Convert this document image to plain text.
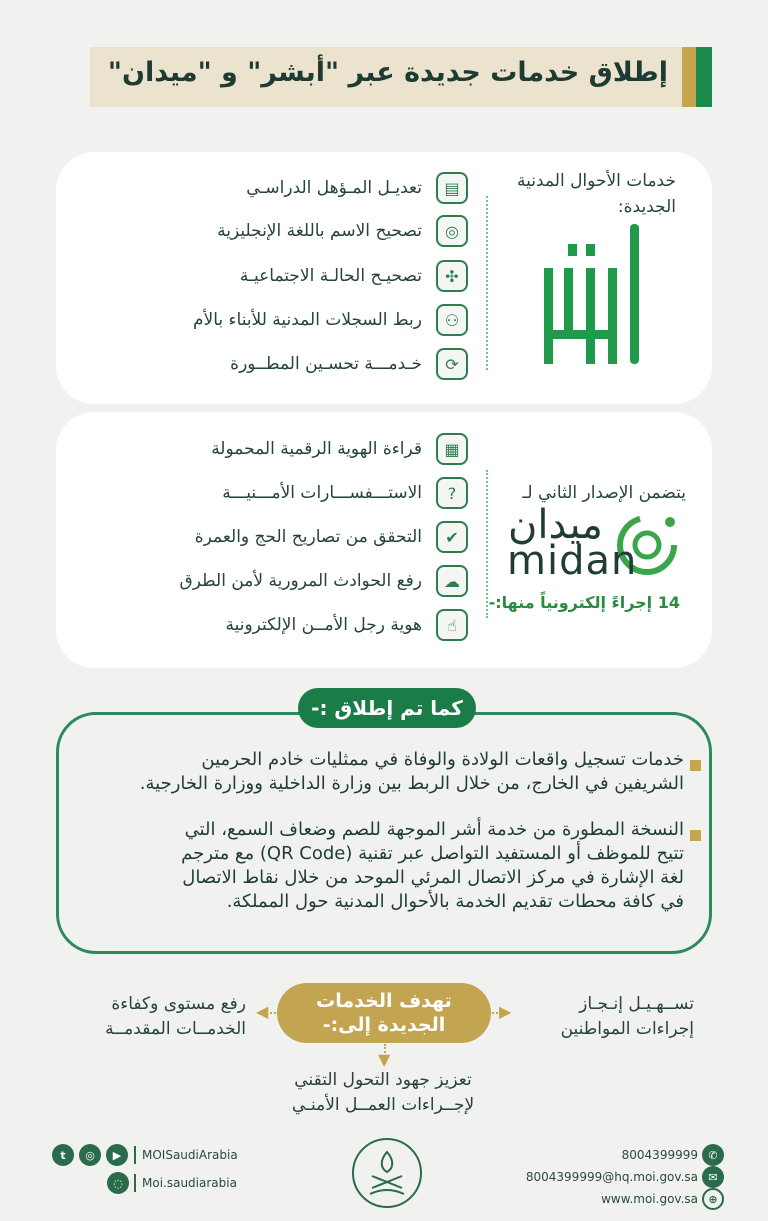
إطلاق خدمات جديدة عبر "أبشر" و "ميدان"
خدمات الأحوال المدنية الجديدة:
▤
تعديـل المـؤهل الدراسـي
◎
تصحيح الاسم باللغة الإنجليزية
✣
تصحيـح الحالـة الاجتماعيـة
⚇
ربط السجلات المدنية للأبناء بالأم
⟳
خـدمـــة تحسـين المطــورة
يتضمن الإصدار الثاني لـ
ميدان
midan
14 إجراءً إلكترونياً منها:-
▦
قراءة الهوية الرقمية المحمولة
?
الاستـــفســـارات الأمـــنيـــة
✔
التحقق من تصاريح الحج والعمرة
☁
رفع الحوادث المرورية لأمن الطرق
☝
هوية رجل الأمــن الإلكترونية
كما تم إطلاق :-
خدمات تسجيل واقعات الولادة والوفاة في ممثليات خادم الحرمين
الشريفين في الخارج، من خلال الربط بين وزارة الداخلية ووزارة الخارجية.
النسخة المطورة من خدمة أشر الموجهة للصم وضعاف السمع، التي
تتيح للموظف أو المستفيد التواصل عبر تقنية (QR Code) مع مترجم
لغة الإشارة في مركز الاتصال المرئي الموحد من خلال نقاط الاتصال
في كافة محطات تقديم الخدمة بالأحوال المدنية حول المملكة.
تهدف الخدمات
الجديدة إلى:-
◀	▶
▼
تســهـيـل إنـجـاز
إجراءات المواطنين
رفع مستوى وكفاءة
الخدمــات المقدمــة
تعزيز جهود التحول التقني
لإجــراءات العمــل الأمنـي
t	◎	▶	MOISaudiArabia
◌	Moi.saudiarabia
8004399999 ✆
8004399999@hq.moi.gov.sa ✉
www.moi.gov.sa ⊕
